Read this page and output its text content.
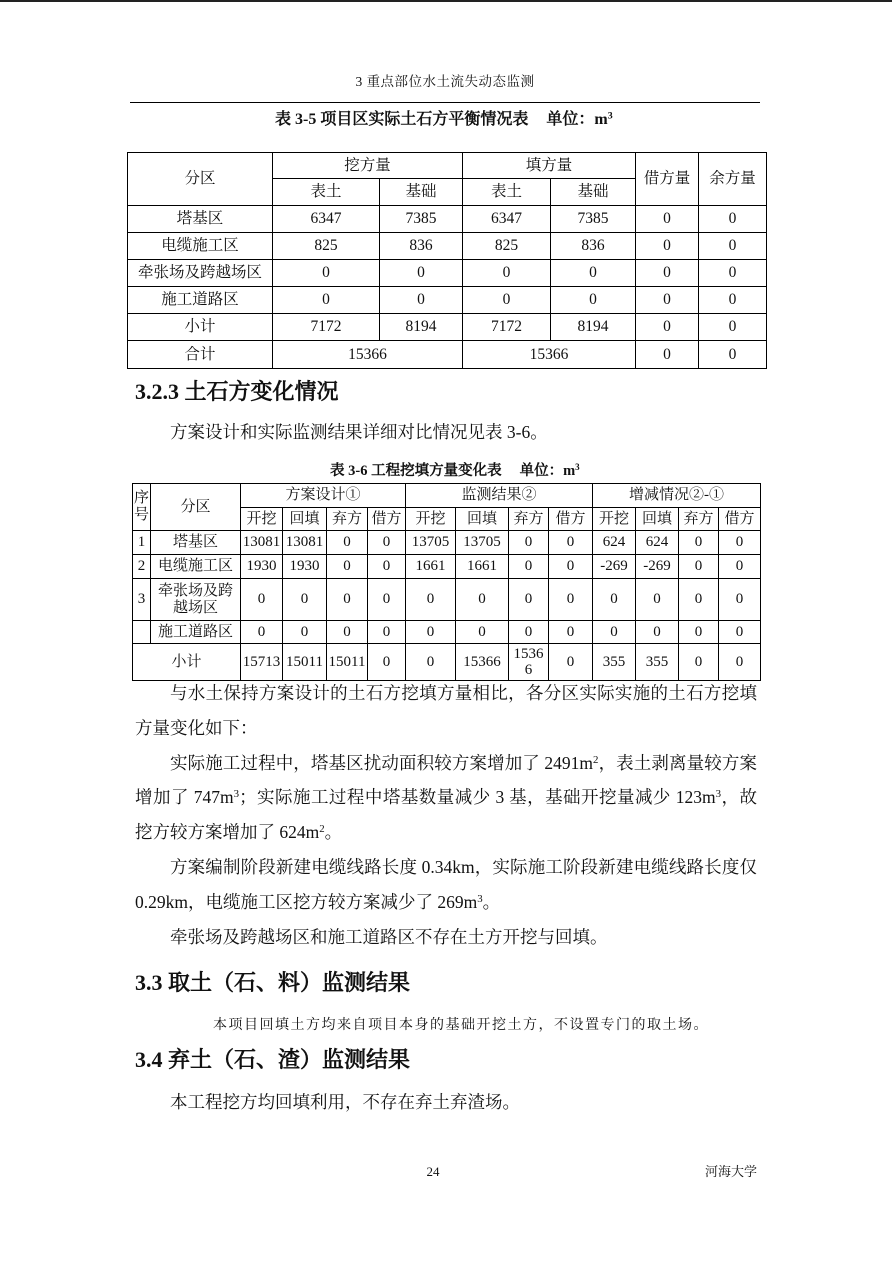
3 重点部位水土流失动态监测
表 3-5 项目区实际土石方平衡情况表 单位：$m^3$
分区	挖方量		填方量		借方量	余方量
	表土	基础	表土	基础		
塔基区	6347	7385	6347	7385	0	0
电缆施工区	825	836	825	836	0	0
牵张场及跨越场区	0	0	0	0	0	0
施工道路区	0	0	0	0	0	0
小计	7172	8194	7172	8194	0	0
合计	15366		15366		0	0
3.2.3 土石方变化情况

方案设计和实际监测结果详细对比情况见表 3-6。

表 3-6 工程挖填方量变化表 单位：$m^3$
序号	分区	方案设计①				监测结果②				增减情况②-①			
		开挖	回填	弃方	借方	开挖	回填	弃方	借方	开挖	回填	弃方	借方
1	塔基区	13081	13081	0	0	13705	13705	0	0	624	624	0	0
2	电缆施工区	1930	1930	0	0	1661	1661	0	0	-269	-269	0	0
3	牵张场及跨越场区	0	0	0	0	0	0	0	0	0	0	0	0
	施工道路区	0	0	0	0	0	0	0	0	0	0	0	0
小计		15713	15011	15011	0	0	15366	15366	0	355	355	0	0

与水土保持方案设计的土石方挖填方量相比，各分区实际实施的土石方挖填方量变化如下：

实际施工过程中，塔基区扰动面积较方案增加了 $2491m^2$，表土剥离量较方案增加了 $747m^3$；实际施工过程中塔基数量减少 3 基，基础开挖量减少 $123m^3$，故挖方较方案增加了 $624m^2$。

方案编制阶段新建电缆线路长度 0.34km，实际施工阶段新建电缆线路长度仅 0.29km，电缆施工区挖方较方案减少了 $269m^3$。

牵张场及跨越场区和施工道路区不存在土方开挖与回填。

3.3 取土（石、料）监测结果

本项目回填土方均来自项目本身的基础开挖土方，不设置专门的取土场。

3.4 弃土（石、渣）监测结果

本工程挖方均回填利用，不存在弃土弃渣场。

24	河海大学
